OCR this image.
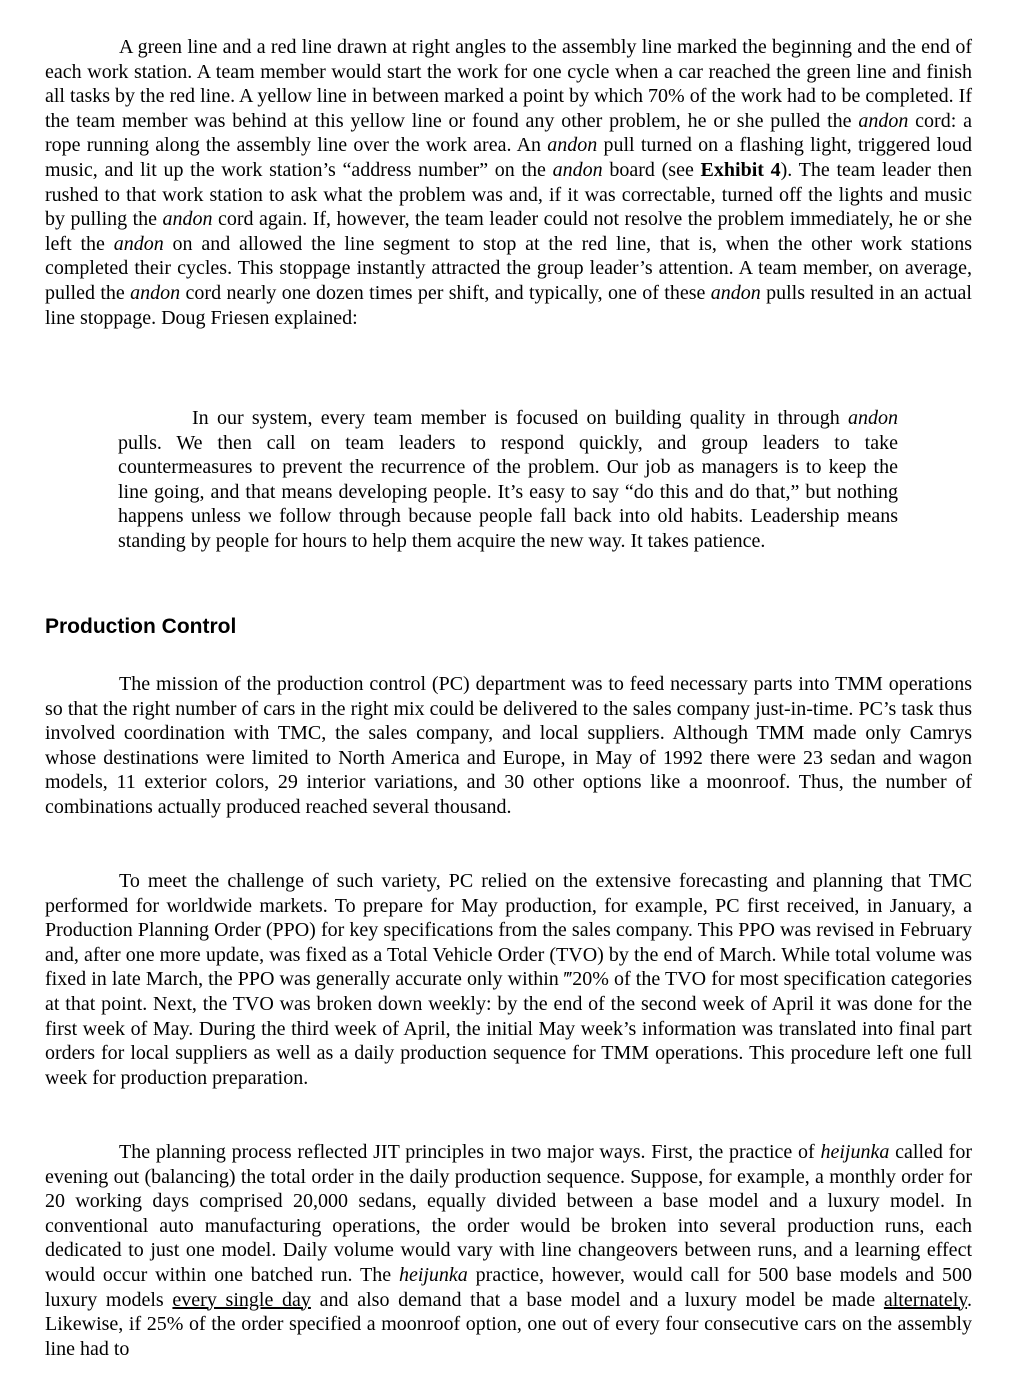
A green line and a red line drawn at right angles to the assembly line marked the beginning and the end of each work station. A team member would start the work for one cycle when a car reached the green line and finish all tasks by the red line. A yellow line in between marked a point by which 70% of the work had to be completed. If the team member was behind at this yellow line or found any other problem, he or she pulled the andon cord: a rope running along the assembly line over the work area. An andon pull turned on a flashing light, triggered loud music, and lit up the work station’s “address number” on the andon board (see Exhibit 4). The team leader then rushed to that work station to ask what the problem was and, if it was correctable, turned off the lights and music by pulling the andon cord again. If, however, the team leader could not resolve the problem immediately, he or she left the andon on and allowed the line segment to stop at the red line, that is, when the other work stations completed their cycles. This stoppage instantly attracted the group leader’s attention. A team member, on average, pulled the andon cord nearly one dozen times per shift, and typically, one of these andon pulls resulted in an actual line stoppage. Doug Friesen explained:

In our system, every team member is focused on building quality in through andon pulls. We then call on team leaders to respond quickly, and group leaders to take countermeasures to prevent the recurrence of the problem. Our job as managers is to keep the line going, and that means developing people. It’s easy to say “do this and do that,” but nothing happens unless we follow through because people fall back into old habits. Leadership means standing by people for hours to help them acquire the new way. It takes patience.

Production Control

The mission of the production control (PC) department was to feed necessary parts into TMM operations so that the right number of cars in the right mix could be delivered to the sales company just-in-time. PC’s task thus involved coordination with TMC, the sales company, and local suppliers. Although TMM made only Camrys whose destinations were limited to North America and Europe, in May of 1992 there were 23 sedan and wagon models, 11 exterior colors, 29 interior variations, and 30 other options like a moonroof. Thus, the number of combinations actually produced reached several thousand.

To meet the challenge of such variety, PC relied on the extensive forecasting and planning that TMC performed for worldwide markets. To prepare for May production, for example, PC first received, in January, a Production Planning Order (PPO) for key specifications from the sales company. This PPO was revised in February and, after one more update, was fixed as a Total Vehicle Order (TVO) by the end of March. While total volume was fixed in late March, the PPO was generally accurate only within ‴20% of the TVO for most specification categories at that point. Next, the TVO was broken down weekly: by the end of the second week of April it was done for the first week of May. During the third week of April, the initial May week’s information was translated into final part orders for local suppliers as well as a daily production sequence for TMM operations. This procedure left one full week for production preparation.

The planning process reflected JIT principles in two major ways. First, the practice of heijunka called for evening out (balancing) the total order in the daily production sequence. Suppose, for example, a monthly order for 20 working days comprised 20,000 sedans, equally divided between a base model and a luxury model. In conventional auto manufacturing operations, the order would be broken into several production runs, each dedicated to just one model. Daily volume would vary with line changeovers between runs, and a learning effect would occur within one batched run. The heijunka practice, however, would call for 500 base models and 500 luxury models every single day and also demand that a base model and a luxury model be made alternately. Likewise, if 25% of the order specified a moonroof option, one out of every four consecutive cars on the assembly line had to
